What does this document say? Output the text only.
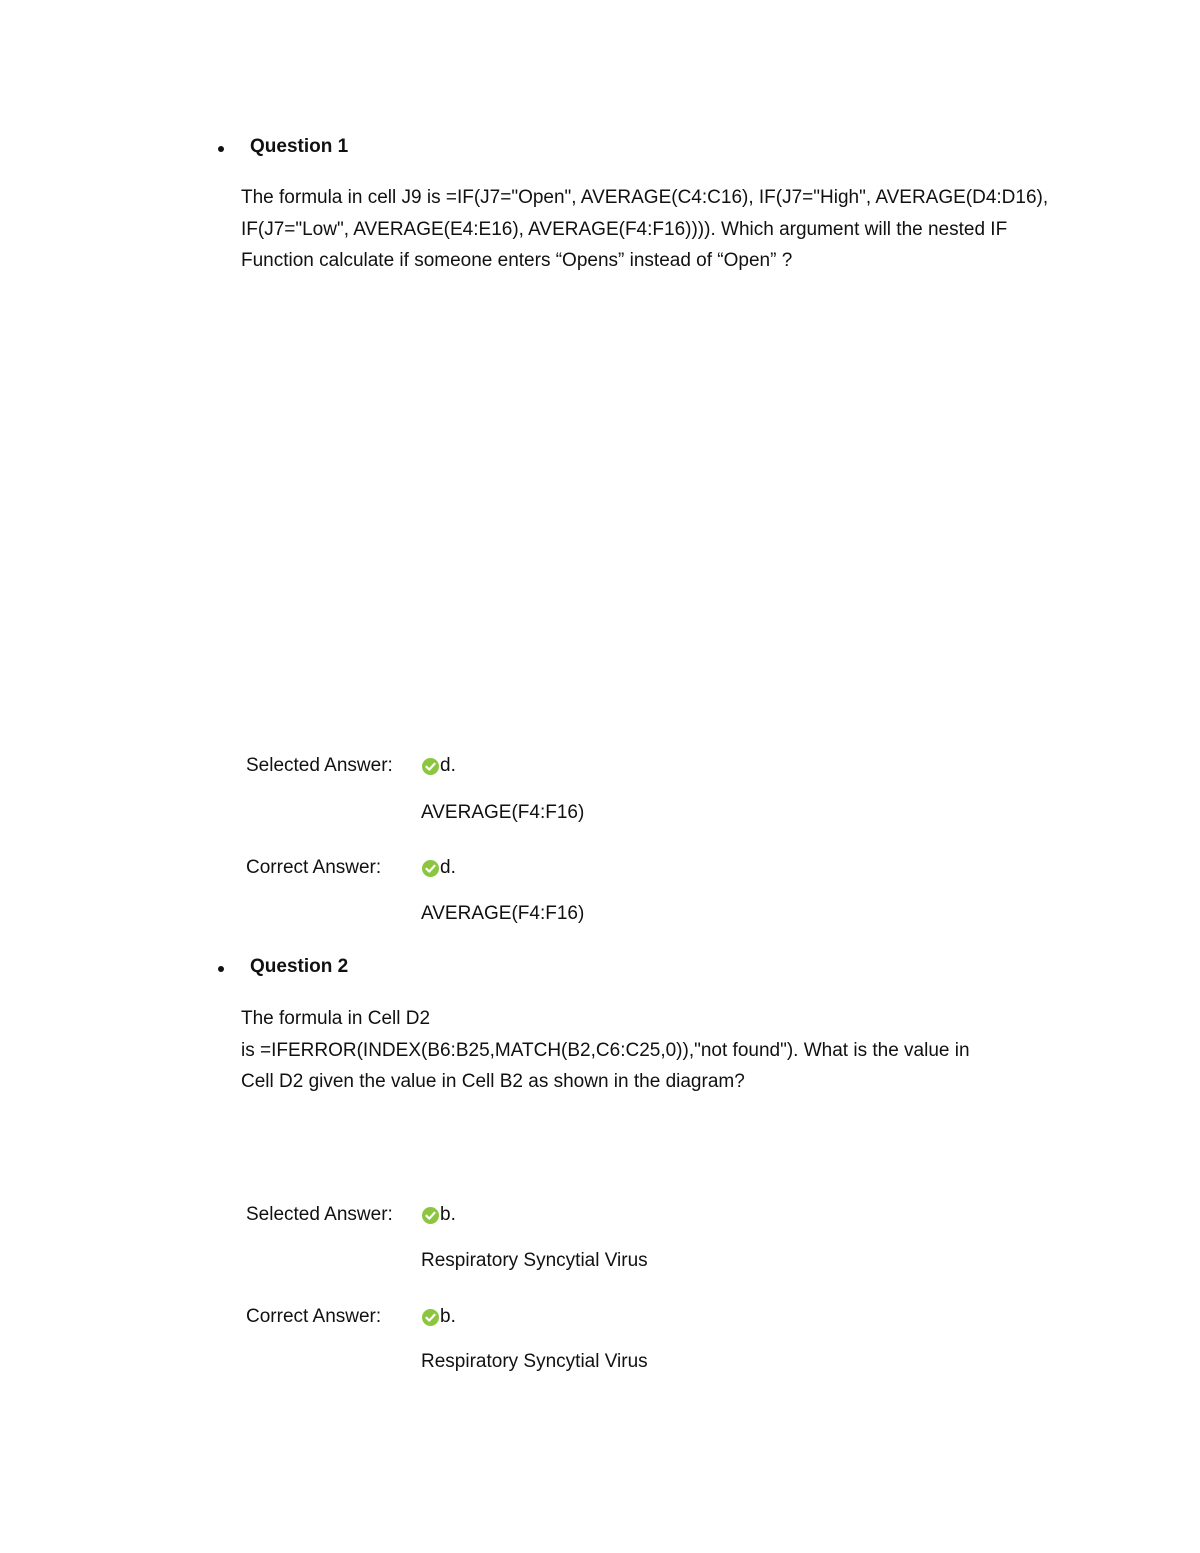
Question 1
The formula in cell J9 is =IF(J7="Open", AVERAGE(C4:C16), IF(J7="High", AVERAGE(D4:D16),
IF(J7="Low", AVERAGE(E4:E16), AVERAGE(F4:F16)))). Which argument will the nested IF
Function calculate if someone enters “Opens” instead of “Open” ?
Selected Answer: d.
AVERAGE(F4:F16)
Correct Answer:	d.
AVERAGE(F4:F16)
Question 2
The formula in Cell D2
is =IFERROR(INDEX(B6:B25,MATCH(B2,C6:C25,0)),"not found"). What is the value in
Cell D2 given the value in Cell B2 as shown in the diagram?
Selected Answer: b.
Respiratory Syncytial Virus
Correct Answer:	b.
Respiratory Syncytial Virus
